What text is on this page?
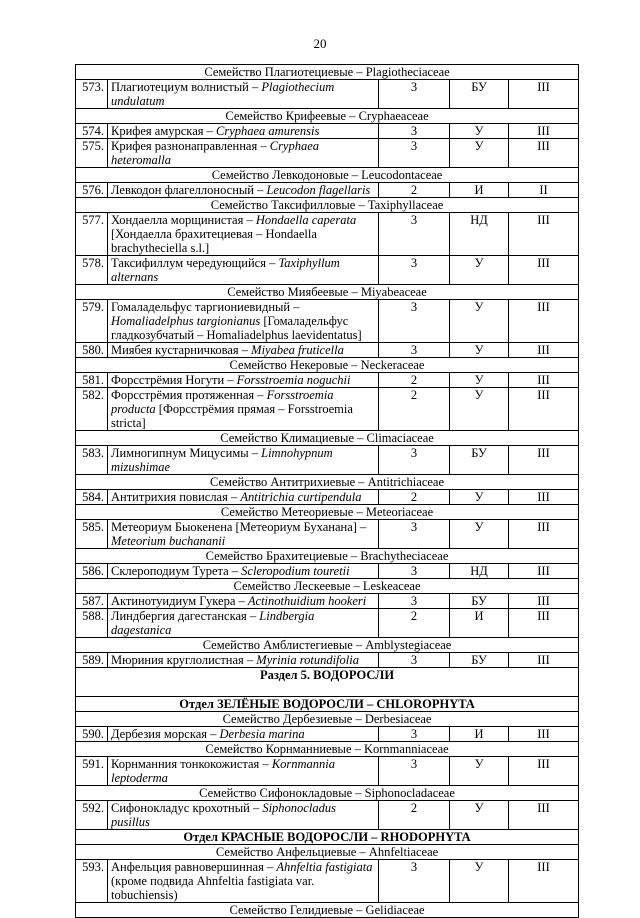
20
Семейство Плагиотециевые – Plagiotheciaceae				
573.	Плагиотециум волнистый – Plagiothecium undulatum	3	БУ	III
Семейство Крифеевые – Cryphaeaceae				
574.	Крифея амурская – Cryphaea amurensis	3	У	III
575.	Крифея разнонаправленная – Cryphaea heteromalla	3	У	III
Семейство Левкодоновые – Leucodontaceae				
576.	Левкодон флагеллоносный – Leucodon flagellaris	2	И	II
Семейство Таксифилловые – Taxiphyllaceae				
577.	Хондаелла морщинистая – Hondaella caperata [Хондаелла брахитециевая – Hondaella brachytheciella s.l.]	3	НД	III
578.	Таксифиллум чередующийся – Taxiphyllum alternans	3	У	III
Семейство Миябеевые – Miyabeaceae				
579.	Гомаладельфус таргиониевидный – Homaliadelphus targionianus [Гомаладельфус гладкозубчатый – Homaliadelphus laevidentatus]	3	У	III
580.	Миябея кустарничковая – Miyabea fruticella	3	У	III
Семейство Некеровые – Neckeraceae				
581.	Форсстрёмия Ногути – Forsstroemia noguchii	2	У	III
582.	Форсстрёмия протяженная – Forsstroemia producta [Форсстрёмия прямая – Forsstroemia stricta]	2	У	III
Семейство Климациевые – Climaciaceae				
583.	Лимногипнум Мицусимы – Limnohypnum mizushimae	3	БУ	III
Семейство Антитрихиевые – Antitrichiaceae				
584.	Антитрихия повислая – Antitrichia curtipendula	2	У	III
Семейство Метеориевые – Meteoriaceae				
585.	Метеориум Быокенена [Метеориум Буханана] – Meteorium buchananii	3	У	III
Семейство Брахитециевые – Brachytheciaceae				
586.	Склероподиум Турета – Scleropodium touretii	3	НД	III
Семейство Лескеевые – Leskeaceae				
587.	Актинотуидиум Гукера – Actinothuidium hookeri	3	БУ	III
588.	Линдбергия дагестанская – Lindbergia dagestanica	2	И	III
Семейство Амблистегиевые – Amblystegiaceae				
589.	Мюриния круглолистная – Myrinia rotundifolia	3	БУ	III
Раздел 5. ВОДОРОСЛИ				
Отдел ЗЕЛЁНЫЕ ВОДОРОСЛИ – CHLOROPHYTA				
Семейство Дербезиевые – Derbesiaceae				
590.	Дербезия морская – Derbesia marina	3	И	III
Семейство Корнманниевые – Kornmanniaceae				
591.	Корнманния тонкокожистая – Kornmannia leptoderma	3	У	III
Семейство Сифонокладовые – Siphonocladaceae				
592.	Сифонокладус крохотный – Siphonocladus pusillus	2	У	III
Отдел КРАСНЫЕ ВОДОРОСЛИ – RHODOPHYTA				
Семейство Анфельциевые – Ahnfeltiaceae				
593.	Анфельция равновершинная – Ahnfeltia fastigiata (кроме подвида Ahnfeltia fastigiata var. tobuchiensis)	3	У	III
Семейство Гелидиевые – Gelidiaceae				
